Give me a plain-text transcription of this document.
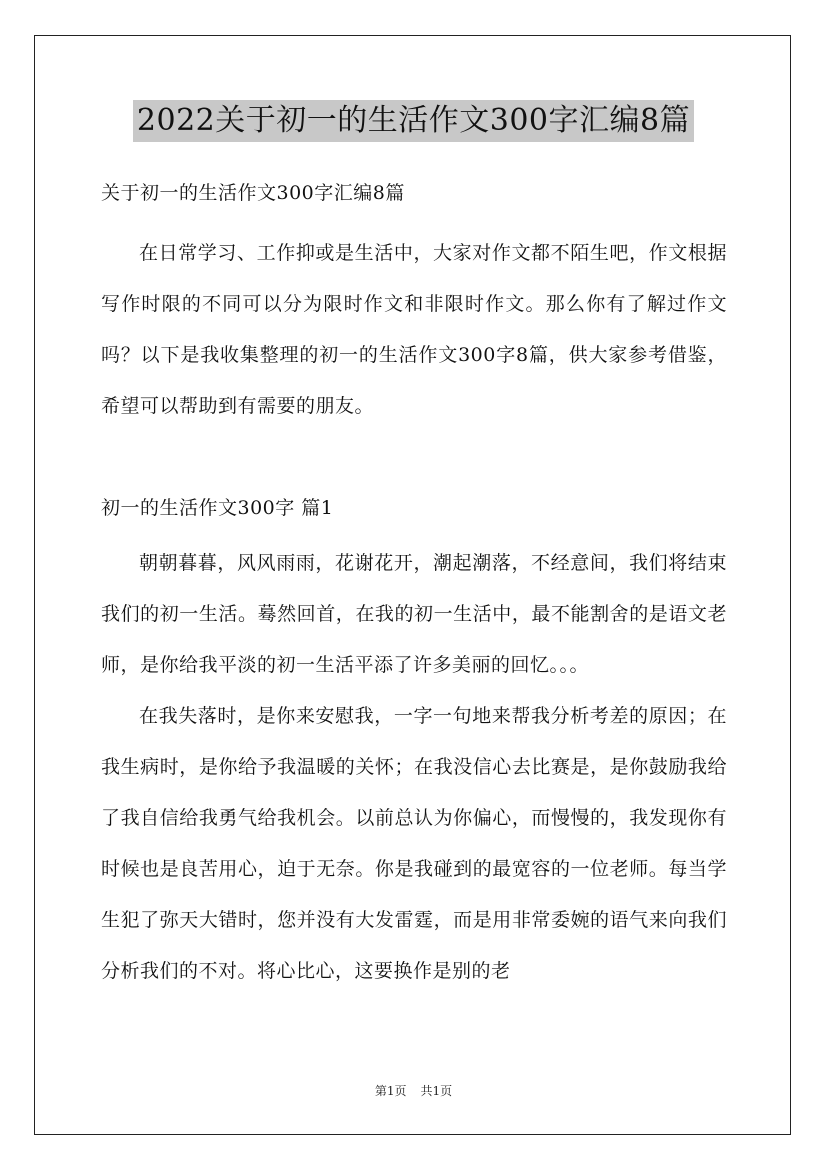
2022关于初一的生活作文300字汇编8篇

关于初一的生活作文300字汇编8篇

在日常学习、工作抑或是生活中，大家对作文都不陌生吧，作文根据写作时限的不同可以分为限时作文和非限时作文。那么你有了解过作文吗？以下是我收集整理的初一的生活作文300字8篇，供大家参考借鉴，希望可以帮助到有需要的朋友。

初一的生活作文300字 篇1

朝朝暮暮，风风雨雨，花谢花开，潮起潮落，不经意间，我们将结束我们的初一生活。蓦然回首，在我的初一生活中，最不能割舍的是语文老师，是你给我平淡的初一生活平添了许多美丽的回忆。。。

在我失落时，是你来安慰我，一字一句地来帮我分析考差的原因；在我生病时，是你给予我温暖的关怀；在我没信心去比赛是，是你鼓励我给了我自信给我勇气给我机会。以前总认为你偏心，而慢慢的，我发现你有时候也是良苦用心，迫于无奈。你是我碰到的最宽容的一位老师。每当学生犯了弥天大错时，您并没有大发雷霆，而是用非常委婉的语气来向我们分析我们的不对。将心比心，这要换作是别的老

第1页 共1页
